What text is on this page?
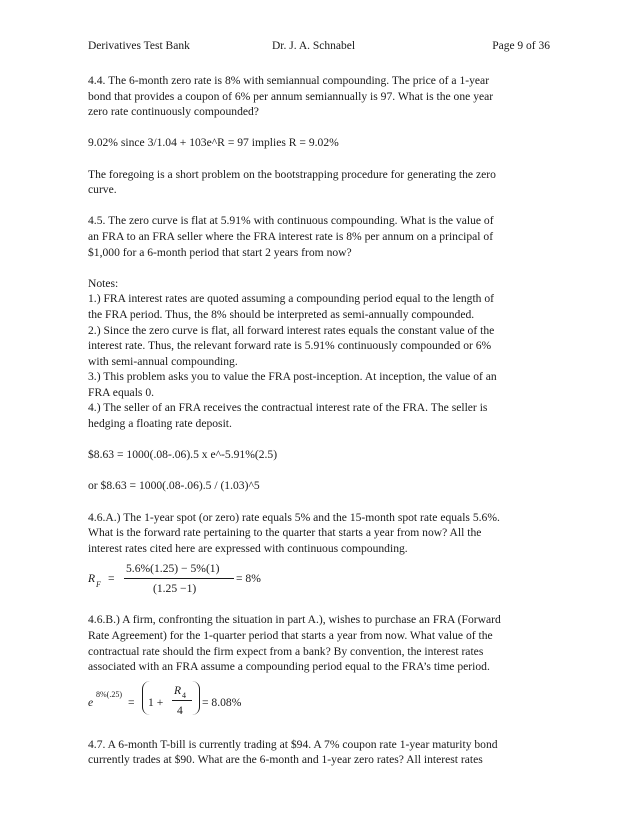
Derivatives Test Bank	Dr. J. A. Schnabel	Page 9 of 36
4.4. The 6-month zero rate is 8% with semiannual compounding. The price of a 1-year
bond that provides a coupon of 6% per annum semiannually is 97. What is the one year
zero rate continuously compounded?
9.02% since 3/1.04 + 103e^R = 97 implies R = 9.02%
The foregoing is a short problem on the bootstrapping procedure for generating the zero
curve.
4.5. The zero curve is flat at 5.91% with continuous compounding. What is the value of
an FRA to an FRA seller where the FRA interest rate is 8% per annum on a principal of
$1,000 for a 6-month period that start 2 years from now?
Notes:
1.) FRA interest rates are quoted assuming a compounding period equal to the length of
the FRA period. Thus, the 8% should be interpreted as semi-annually compounded.
2.) Since the zero curve is flat, all forward interest rates equals the constant value of the
interest rate. Thus, the relevant forward rate is 5.91% continuously compounded or 6%
with semi-annual compounding.
3.) This problem asks you to value the FRA post-inception. At inception, the value of an
FRA equals 0.
4.) The seller of an FRA receives the contractual interest rate of the FRA. The seller is
hedging a floating rate deposit.
$8.63 = 1000(.08-.06).5 x e^-5.91%(2.5)
or $8.63 = 1000(.08-.06).5 / (1.03)^5
4.6.A.) The 1-year spot (or zero) rate equals 5% and the 15-month spot rate equals 5.6%.
What is the forward rate pertaining to the quarter that starts a year from now? All the
interest rates cited here are expressed with continuous compounding.
R F =
5.6%(1.25) − 5%(1)
(1.25 −1)
= 8%
4.6.B.) A firm, confronting the situation in part A.), wishes to purchase an FRA (Forward
Rate Agreement) for the 1-quarter period that starts a year from now. What value of the
contractual rate should the firm expect from a bank? By convention, the interest rates
associated with an FRA assume a compounding period equal to the FRA’s time period.
e
8%(.25)
= 1 +
R 4
4
= 8.08%
4.7. A 6-month T-bill is currently trading at $94. A 7% coupon rate 1-year maturity bond
currently trades at $90. What are the 6-month and 1-year zero rates? All interest rates
